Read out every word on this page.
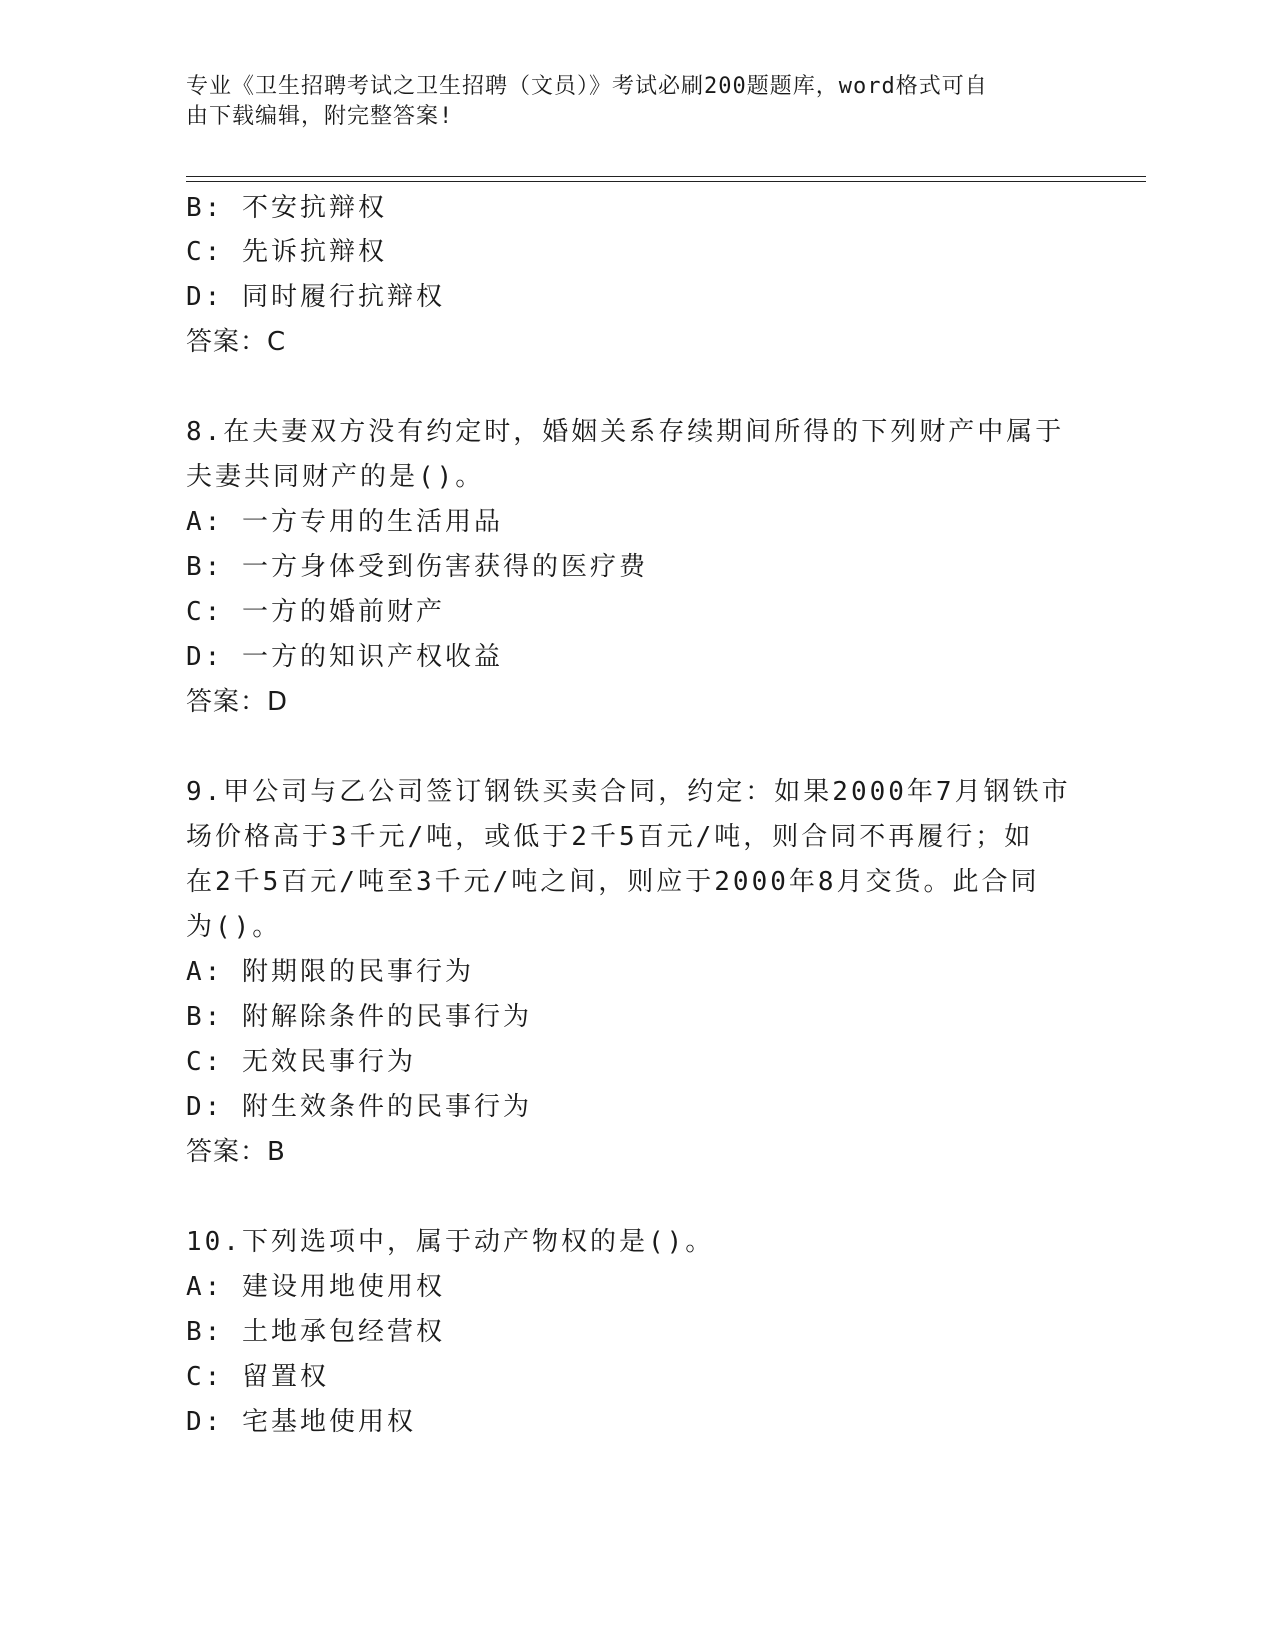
专业《卫生招聘考试之卫生招聘（文员）》考试必刷200题题库，word格式可自
由下载编辑，附完整答案!
B: 不安抗辩权
C: 先诉抗辩权
D: 同时履行抗辩权
答案：C
8.在夫妻双方没有约定时，婚姻关系存续期间所得的下列财产中属于
夫妻共同财产的是()。
A: 一方专用的生活用品
B: 一方身体受到伤害获得的医疗费
C: 一方的婚前财产
D: 一方的知识产权收益
答案：D
9.甲公司与乙公司签订钢铁买卖合同，约定：如果2000年7月钢铁市
场价格高于3千元/吨，或低于2千5百元/吨，则合同不再履行；如
在2千5百元/吨至3千元/吨之间，则应于2000年8月交货。此合同
为()。
A: 附期限的民事行为
B: 附解除条件的民事行为
C: 无效民事行为
D: 附生效条件的民事行为
答案：B
10.下列选项中，属于动产物权的是()。
A: 建设用地使用权
B: 土地承包经营权
C: 留置权
D: 宅基地使用权
